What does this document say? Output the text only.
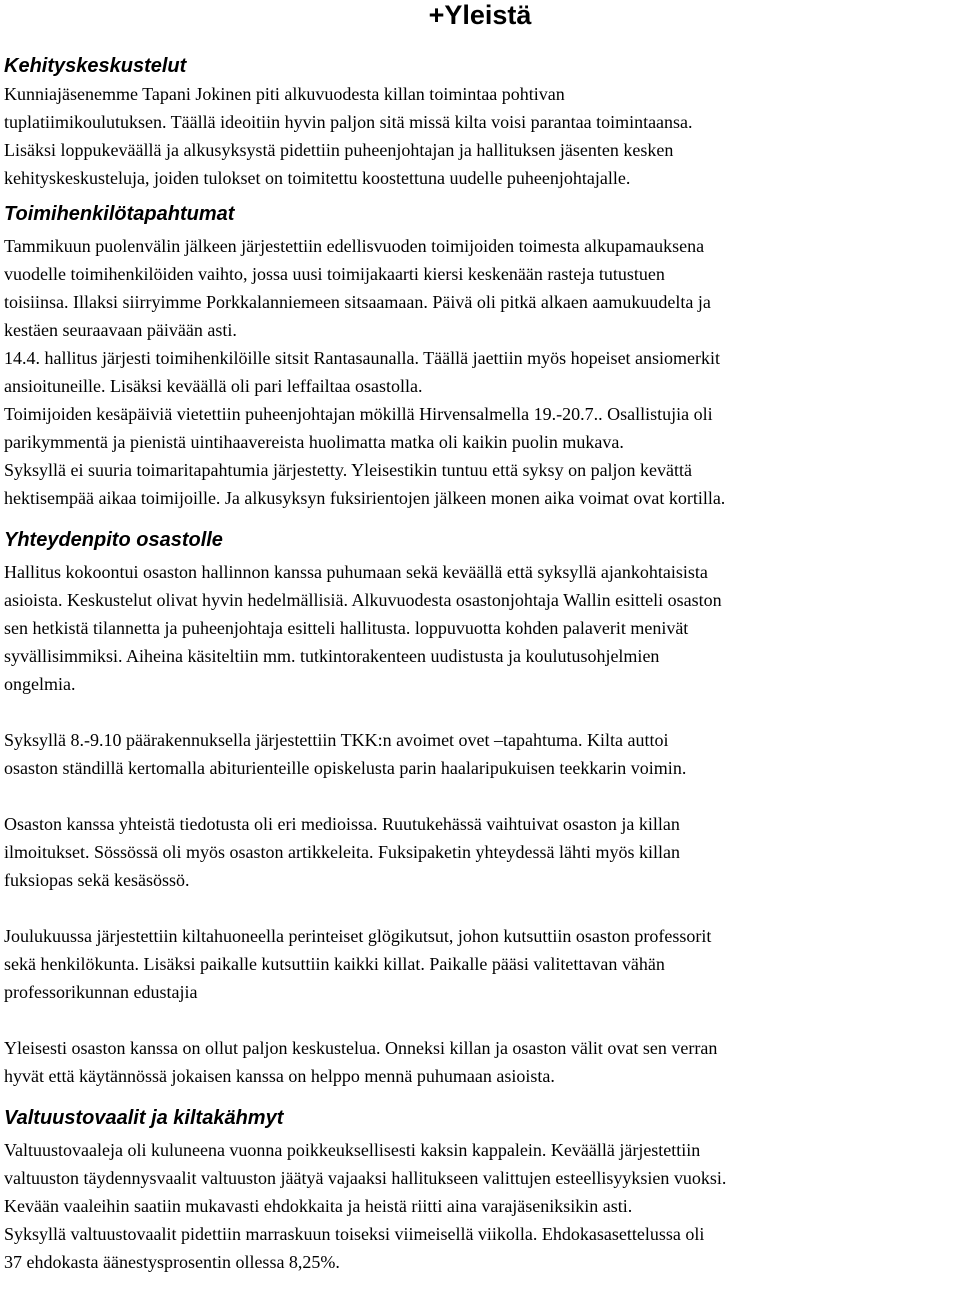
+Yleistä
Kehityskeskustelut
Kunniajäsenemme Tapani Jokinen piti alkuvuodesta killan toimintaa pohtivan
tuplatiimikoulutuksen. Täällä ideoitiin hyvin paljon sitä missä kilta voisi parantaa toimintaansa.
Lisäksi loppukeväällä ja alkusyksystä pidettiin puheenjohtajan ja hallituksen jäsenten kesken
kehityskeskusteluja, joiden tulokset on toimitettu koostettuna uudelle puheenjohtajalle.
Toimihenkilötapahtumat
Tammikuun puolenvälin jälkeen järjestettiin edellisvuoden toimijoiden toimesta alkupamauksena
vuodelle toimihenkilöiden vaihto, jossa uusi toimijakaarti kiersi keskenään rasteja tutustuen
toisiinsa. Illaksi siirryimme Porkkalanniemeen sitsaamaan. Päivä oli pitkä alkaen aamukuudelta ja
kestäen seuraavaan päivään asti.
14.4. hallitus järjesti toimihenkilöille sitsit Rantasaunalla. Täällä jaettiin myös hopeiset ansiomerkit
ansioituneille. Lisäksi keväällä oli pari leffailtaa osastolla.
Toimijoiden kesäpäiviä vietettiin puheenjohtajan mökillä Hirvensalmella 19.-20.7.. Osallistujia oli
parikymmentä ja pienistä uintihaavereista huolimatta matka oli kaikin puolin mukava.
Syksyllä ei suuria toimaritapahtumia järjestetty. Yleisestikin tuntuu että syksy on paljon kevättä
hektisempää aikaa toimijoille. Ja alkusyksyn fuksirientojen jälkeen monen aika voimat ovat kortilla.
Yhteydenpito osastolle
Hallitus kokoontui osaston hallinnon kanssa puhumaan sekä keväällä että syksyllä ajankohtaisista
asioista. Keskustelut olivat hyvin hedelmällisiä. Alkuvuodesta osastonjohtaja Wallin esitteli osaston
sen hetkistä tilannetta ja puheenjohtaja esitteli hallitusta. loppuvuotta kohden palaverit menivät
syvällisimmiksi. Aiheina käsiteltiin mm. tutkintorakenteen uudistusta ja koulutusohjelmien
ongelmia.
Syksyllä 8.-9.10 päärakennuksella järjestettiin TKK:n avoimet ovet –tapahtuma. Kilta auttoi
osaston ständillä kertomalla abiturienteille opiskelusta parin haalaripukuisen teekkarin voimin.
Osaston kanssa yhteistä tiedotusta oli eri medioissa. Ruutukehässä vaihtuivat osaston ja killan
ilmoitukset. Sössössä oli myös osaston artikkeleita. Fuksipaketin yhteydessä lähti myös killan
fuksiopas sekä kesäsössö.
Joulukuussa järjestettiin kiltahuoneella perinteiset glögikutsut, johon kutsuttiin osaston professorit
sekä henkilökunta. Lisäksi paikalle kutsuttiin kaikki killat. Paikalle pääsi valitettavan vähän
professorikunnan edustajia
Yleisesti osaston kanssa on ollut paljon keskustelua. Onneksi killan ja osaston välit ovat sen verran
hyvät että käytännössä jokaisen kanssa on helppo mennä puhumaan asioista.
Valtuustovaalit ja kiltakähmyt
Valtuustovaaleja oli kuluneena vuonna poikkeuksellisesti kaksin kappalein. Keväällä järjestettiin
valtuuston täydennysvaalit valtuuston jäätyä vajaaksi hallitukseen valittujen esteellisyyksien vuoksi.
Kevään vaaleihin saatiin mukavasti ehdokkaita ja heistä riitti aina varajäseniksikin asti.
Syksyllä valtuustovaalit pidettiin marraskuun toiseksi viimeisellä viikolla. Ehdokasasettelussa oli
37 ehdokasta äänestysprosentin ollessa 8,25%.
